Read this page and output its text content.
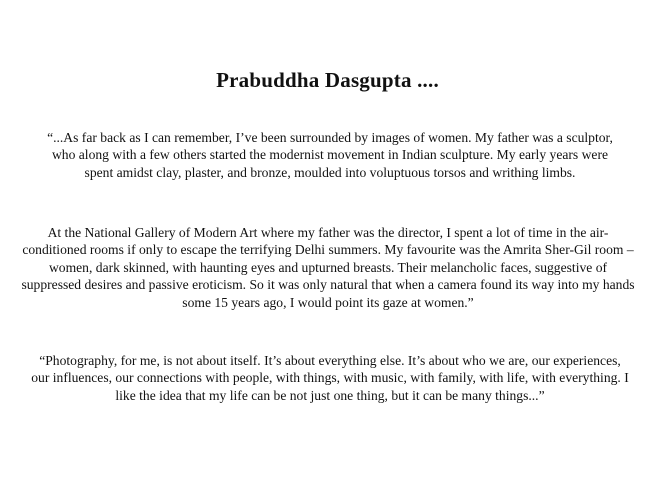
Prabuddha Dasgupta ....

“...As far back as I can remember, I’ve been surrounded by images of women. My father was a sculptor, who along with a few others started the modernist movement in Indian sculpture. My early years were spent amidst clay, plaster, and bronze, moulded into voluptuous torsos and writhing limbs.

At the National Gallery of Modern Art where my father was the director, I spent a lot of time in the air-conditioned rooms if only to escape the terrifying Delhi summers. My favourite was the Amrita Sher-Gil room – women, dark skinned, with haunting eyes and upturned breasts. Their melancholic faces, suggestive of suppressed desires and passive eroticism. So it was only natural that when a camera found its way into my hands some 15 years ago, I would point its gaze at women.”

“Photography, for me, is not about itself. It’s about everything else. It’s about who we are, our experiences, our influences, our connections with people, with things, with music, with family, with life, with everything. I like the idea that my life can be not just one thing, but it can be many things...”
